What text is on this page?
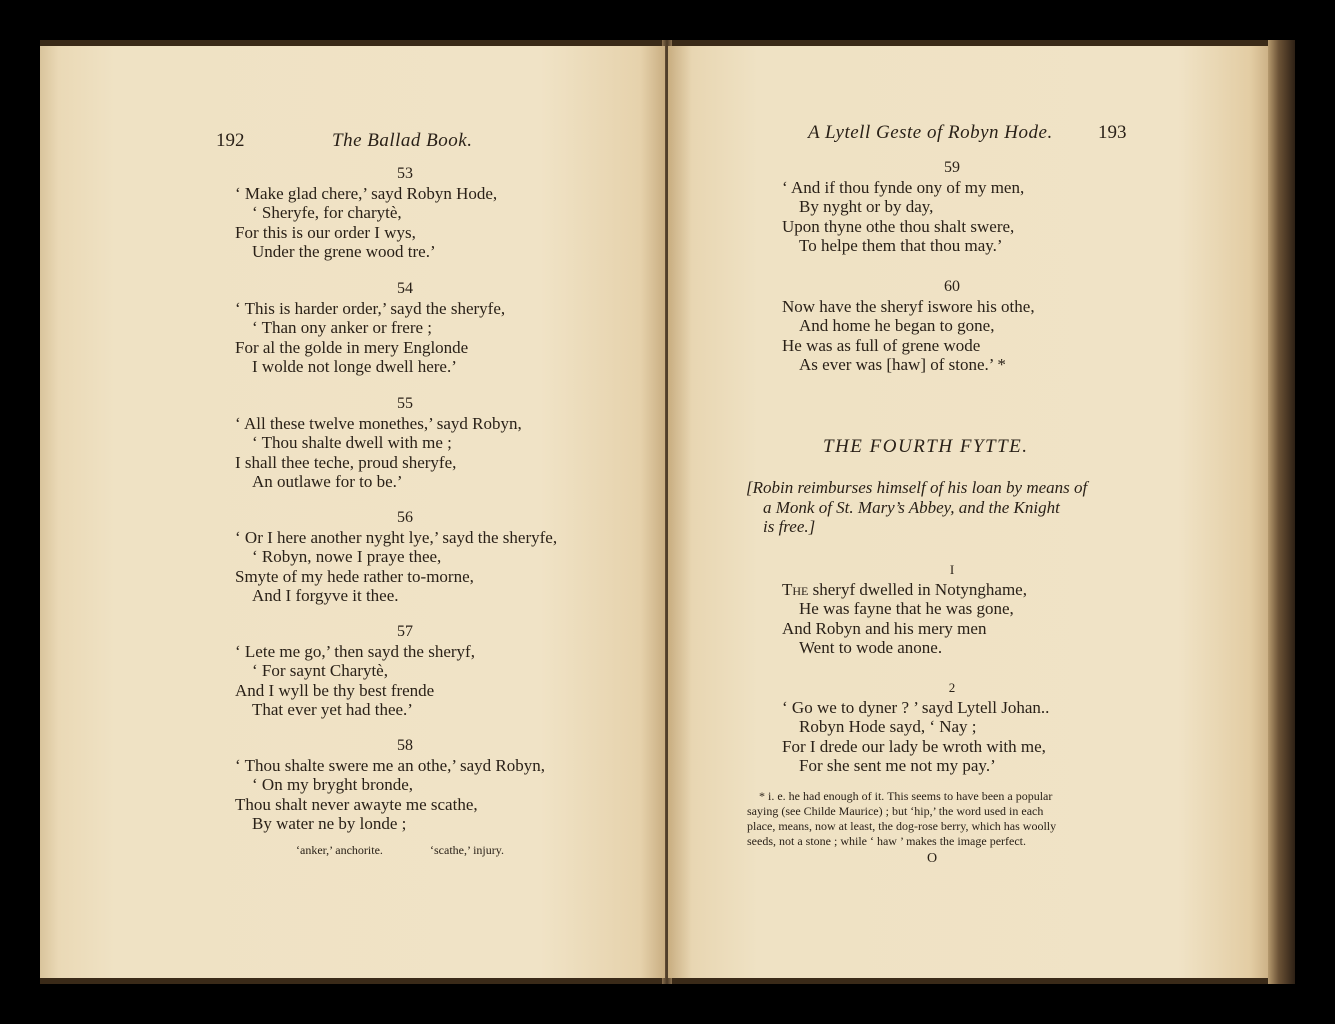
192	The Ballad Book.
53
‘ Make glad chere,’ sayd Robyn Hode,
‘ Sheryfe, for charytè,
For this is our order I wys,
Under the grene wood tre.’
54
‘ This is harder order,’ sayd the sheryfe,
‘ Than ony anker or frere ;
For al the golde in mery Englonde
I wolde not longe dwell here.’
55
‘ All these twelve monethes,’ sayd Robyn,
‘ Thou shalte dwell with me ;
I shall thee teche, proud sheryfe,
An outlawe for to be.’
56
‘ Or I here another nyght lye,’ sayd the sheryfe,
‘ Robyn, nowe I praye thee,
Smyte of my hede rather to-morne,
And I forgyve it thee.
57
‘ Lete me go,’ then sayd the sheryf,
‘ For saynt Charytè,
And I wyll be thy best frende
That ever yet had thee.’
58
‘ Thou shalte swere me an othe,’ sayd Robyn,
‘ On my bryght bronde,
Thou shalt never awayte me scathe,
By water ne by londe ;
‘anker,’ anchorite.	‘scathe,’ injury.
A Lytell Geste of Robyn Hode. 193
59
‘ And if thou fynde ony of my men,
By nyght or by day,
Upon thyne othe thou shalt swere,
To helpe them that thou may.’
60
Now have the sheryf iswore his othe,
And home he began to gone,
He was as full of grene wode
As ever was [haw] of stone.’ *
THE FOURTH FYTTE.
[Robin reimburses himself of his loan by means of
a Monk of St. Mary’s Abbey, and the Knight
is free.]
I
The sheryf dwelled in Notynghame,
He was fayne that he was gone,
And Robyn and his mery men
Went to wode anone.
2
‘ Go we to dyner ? ’ sayd Lytell Johan..
Robyn Hode sayd, ‘ Nay ;
For I drede our lady be wroth with me,
For she sent me not my pay.’
* i. e. he had enough of it. This seems to have been a popular
saying (see Childe Maurice) ; but ‘hip,’ the word used in each
place, means, now at least, the dog-rose berry, which has woolly
seeds, not a stone ; while ‘ haw ’ makes the image perfect.
O
